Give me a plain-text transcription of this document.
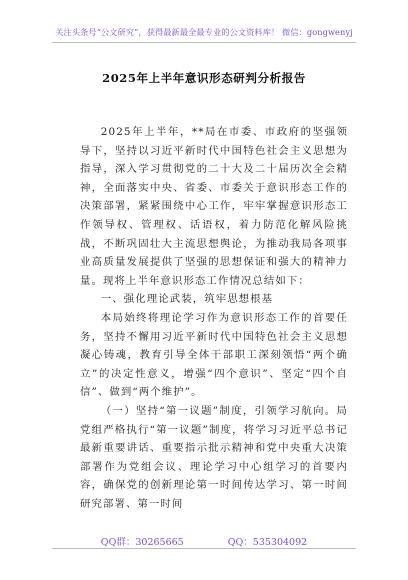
关注头条号“公文研究”，获得最新最全最专业的公文资料库！ 微信：gongwenyj
2025年上半年意识形态研判分析报告

2025年上半年，**局在市委、市政府的坚强领导下，坚持以习近平新时代中国特色社会主义思想为指导，深入学习贯彻党的二十大及二十届历次全会精神，全面落实中央、省委、市委关于意识形态工作的决策部署，紧紧围绕中心工作，牢牢掌握意识形态工作领导权、管理权、话语权，着力防范化解风险挑战，不断巩固壮大主流思想舆论，为推动我局各项事业高质量发展提供了坚强的思想保证和强大的精神力量。现将上半年意识形态工作情况总结如下：

一、强化理论武装，筑牢思想根基

本局始终将理论学习作为意识形态工作的首要任务，坚持不懈用习近平新时代中国特色社会主义思想凝心铸魂，教育引导全体干部职工深刻领悟“两个确立”的决定性意义，增强“四个意识”、坚定“四个自信”、做到“两个维护”。

（一）坚持“第一议题”制度，引领学习航向。局党组严格执行“第一议题”制度，将学习习近平总书记最新重要讲话、重要指示批示精神和党中央重大决策部署作为党组会议、理论学习中心组学习的首要内容，确保党的创新理论第一时间传达学习、第一时间研究部署、第一时间

QQ群：30265665	QQ：535304092
